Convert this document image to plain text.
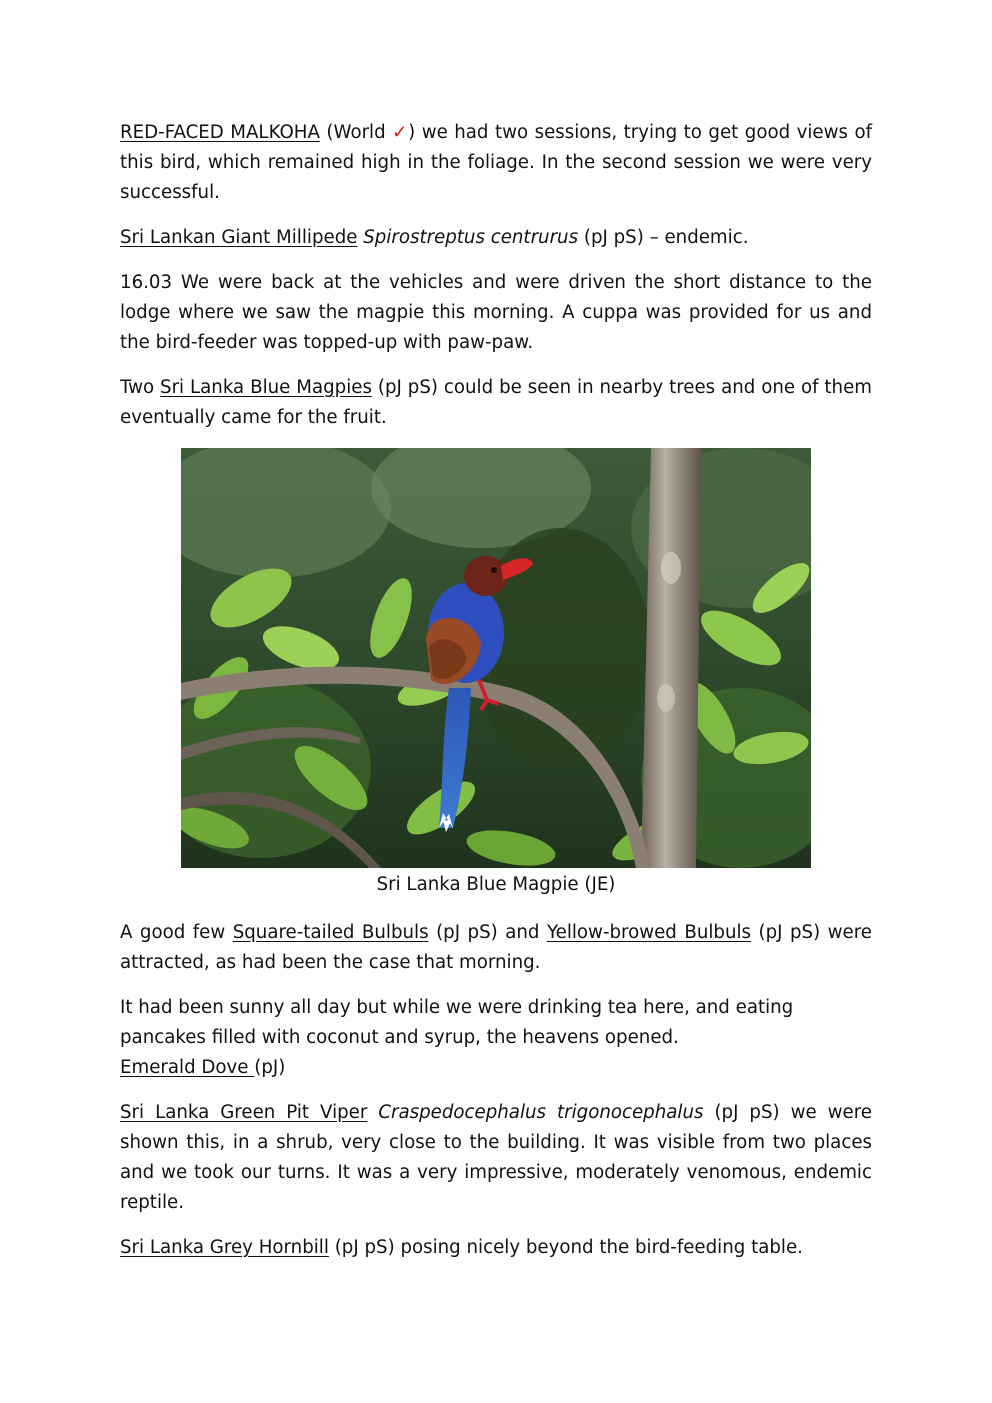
RED-FACED MALKOHA (World ✓) we had two sessions, trying to get good views of this bird, which remained high in the foliage. In the second session we were very successful.

Sri Lankan Giant Millipede Spirostreptus centrurus (pJ pS) – endemic.

16.03 We were back at the vehicles and were driven the short distance to the lodge where we saw the magpie this morning. A cuppa was provided for us and the bird-feeder was topped-up with paw-paw.

Two Sri Lanka Blue Magpies (pJ pS) could be seen in nearby trees and one of them eventually came for the fruit.

Sri Lanka Blue Magpie (JE)

A good few Square-tailed Bulbuls (pJ pS) and Yellow-browed Bulbuls (pJ pS) were attracted, as had been the case that morning.

It had been sunny all day but while we were drinking tea here, and eating pancakes filled with coconut and syrup, the heavens opened.
Emerald Dove (pJ)

Sri Lanka Green Pit Viper Craspedocephalus trigonocephalus (pJ pS) we were shown this, in a shrub, very close to the building. It was visible from two places and we took our turns. It was a very impressive, moderately venomous, endemic reptile.

Sri Lanka Grey Hornbill (pJ pS) posing nicely beyond the bird-feeding table.
